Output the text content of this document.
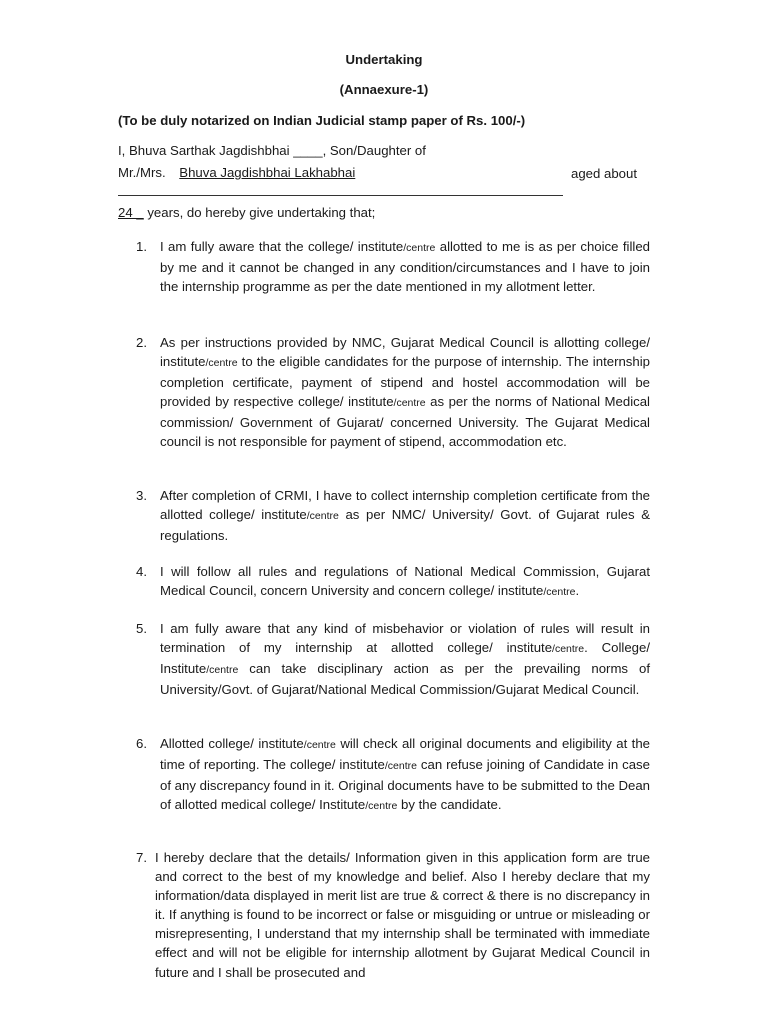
Undertaking
(Annaexure-1)
(To be duly notarized on Indian Judicial stamp paper of Rs. 100/-)
I, Bhuva Sarthak Jagdishbhai ____, Son/Daughter of
Mr./Mrs. Bhuva Jagdishbhai Lakhabhai	aged about
24 _ years, do hereby give undertaking that;
1. I am fully aware that the college/ institute/centre allotted to me is as per choice filled by me and it cannot be changed in any condition/circumstances and I have to join the internship programme as per the date mentioned in my allotment letter.
2. As per instructions provided by NMC, Gujarat Medical Council is allotting college/ institute/centre to the eligible candidates for the purpose of internship. The internship completion certificate, payment of stipend and hostel accommodation will be provided by respective college/ institute/centre as per the norms of National Medical commission/ Government of Gujarat/ concerned University. The Gujarat Medical council is not responsible for payment of stipend, accommodation etc.
3. After completion of CRMI, I have to collect internship completion certificate from the allotted college/ institute/centre as per NMC/ University/ Govt. of Gujarat rules & regulations.
4. I will follow all rules and regulations of National Medical Commission, Gujarat Medical Council, concern University and concern college/ institute/centre.
5. I am fully aware that any kind of misbehavior or violation of rules will result in termination of my internship at allotted college/ institute/centre. College/ Institute/centre can take disciplinary action as per the prevailing norms of University/Govt. of Gujarat/National Medical Commission/Gujarat Medical Council.
6. Allotted college/ institute/centre will check all original documents and eligibility at the time of reporting. The college/ institute/centre can refuse joining of Candidate in case of any discrepancy found in it. Original documents have to be submitted to the Dean of allotted medical college/ Institute/centre by the candidate.
7. I hereby declare that the details/ Information given in this application form are true and correct to the best of my knowledge and belief. Also I hereby declare that my information/data displayed in merit list are true & correct & there is no discrepancy in it. If anything is found to be incorrect or false or misguiding or untrue or misleading or misrepresenting, I understand that my internship shall be terminated with immediate effect and will not be eligible for internship allotment by Gujarat Medical Council in future and I shall be prosecuted and
